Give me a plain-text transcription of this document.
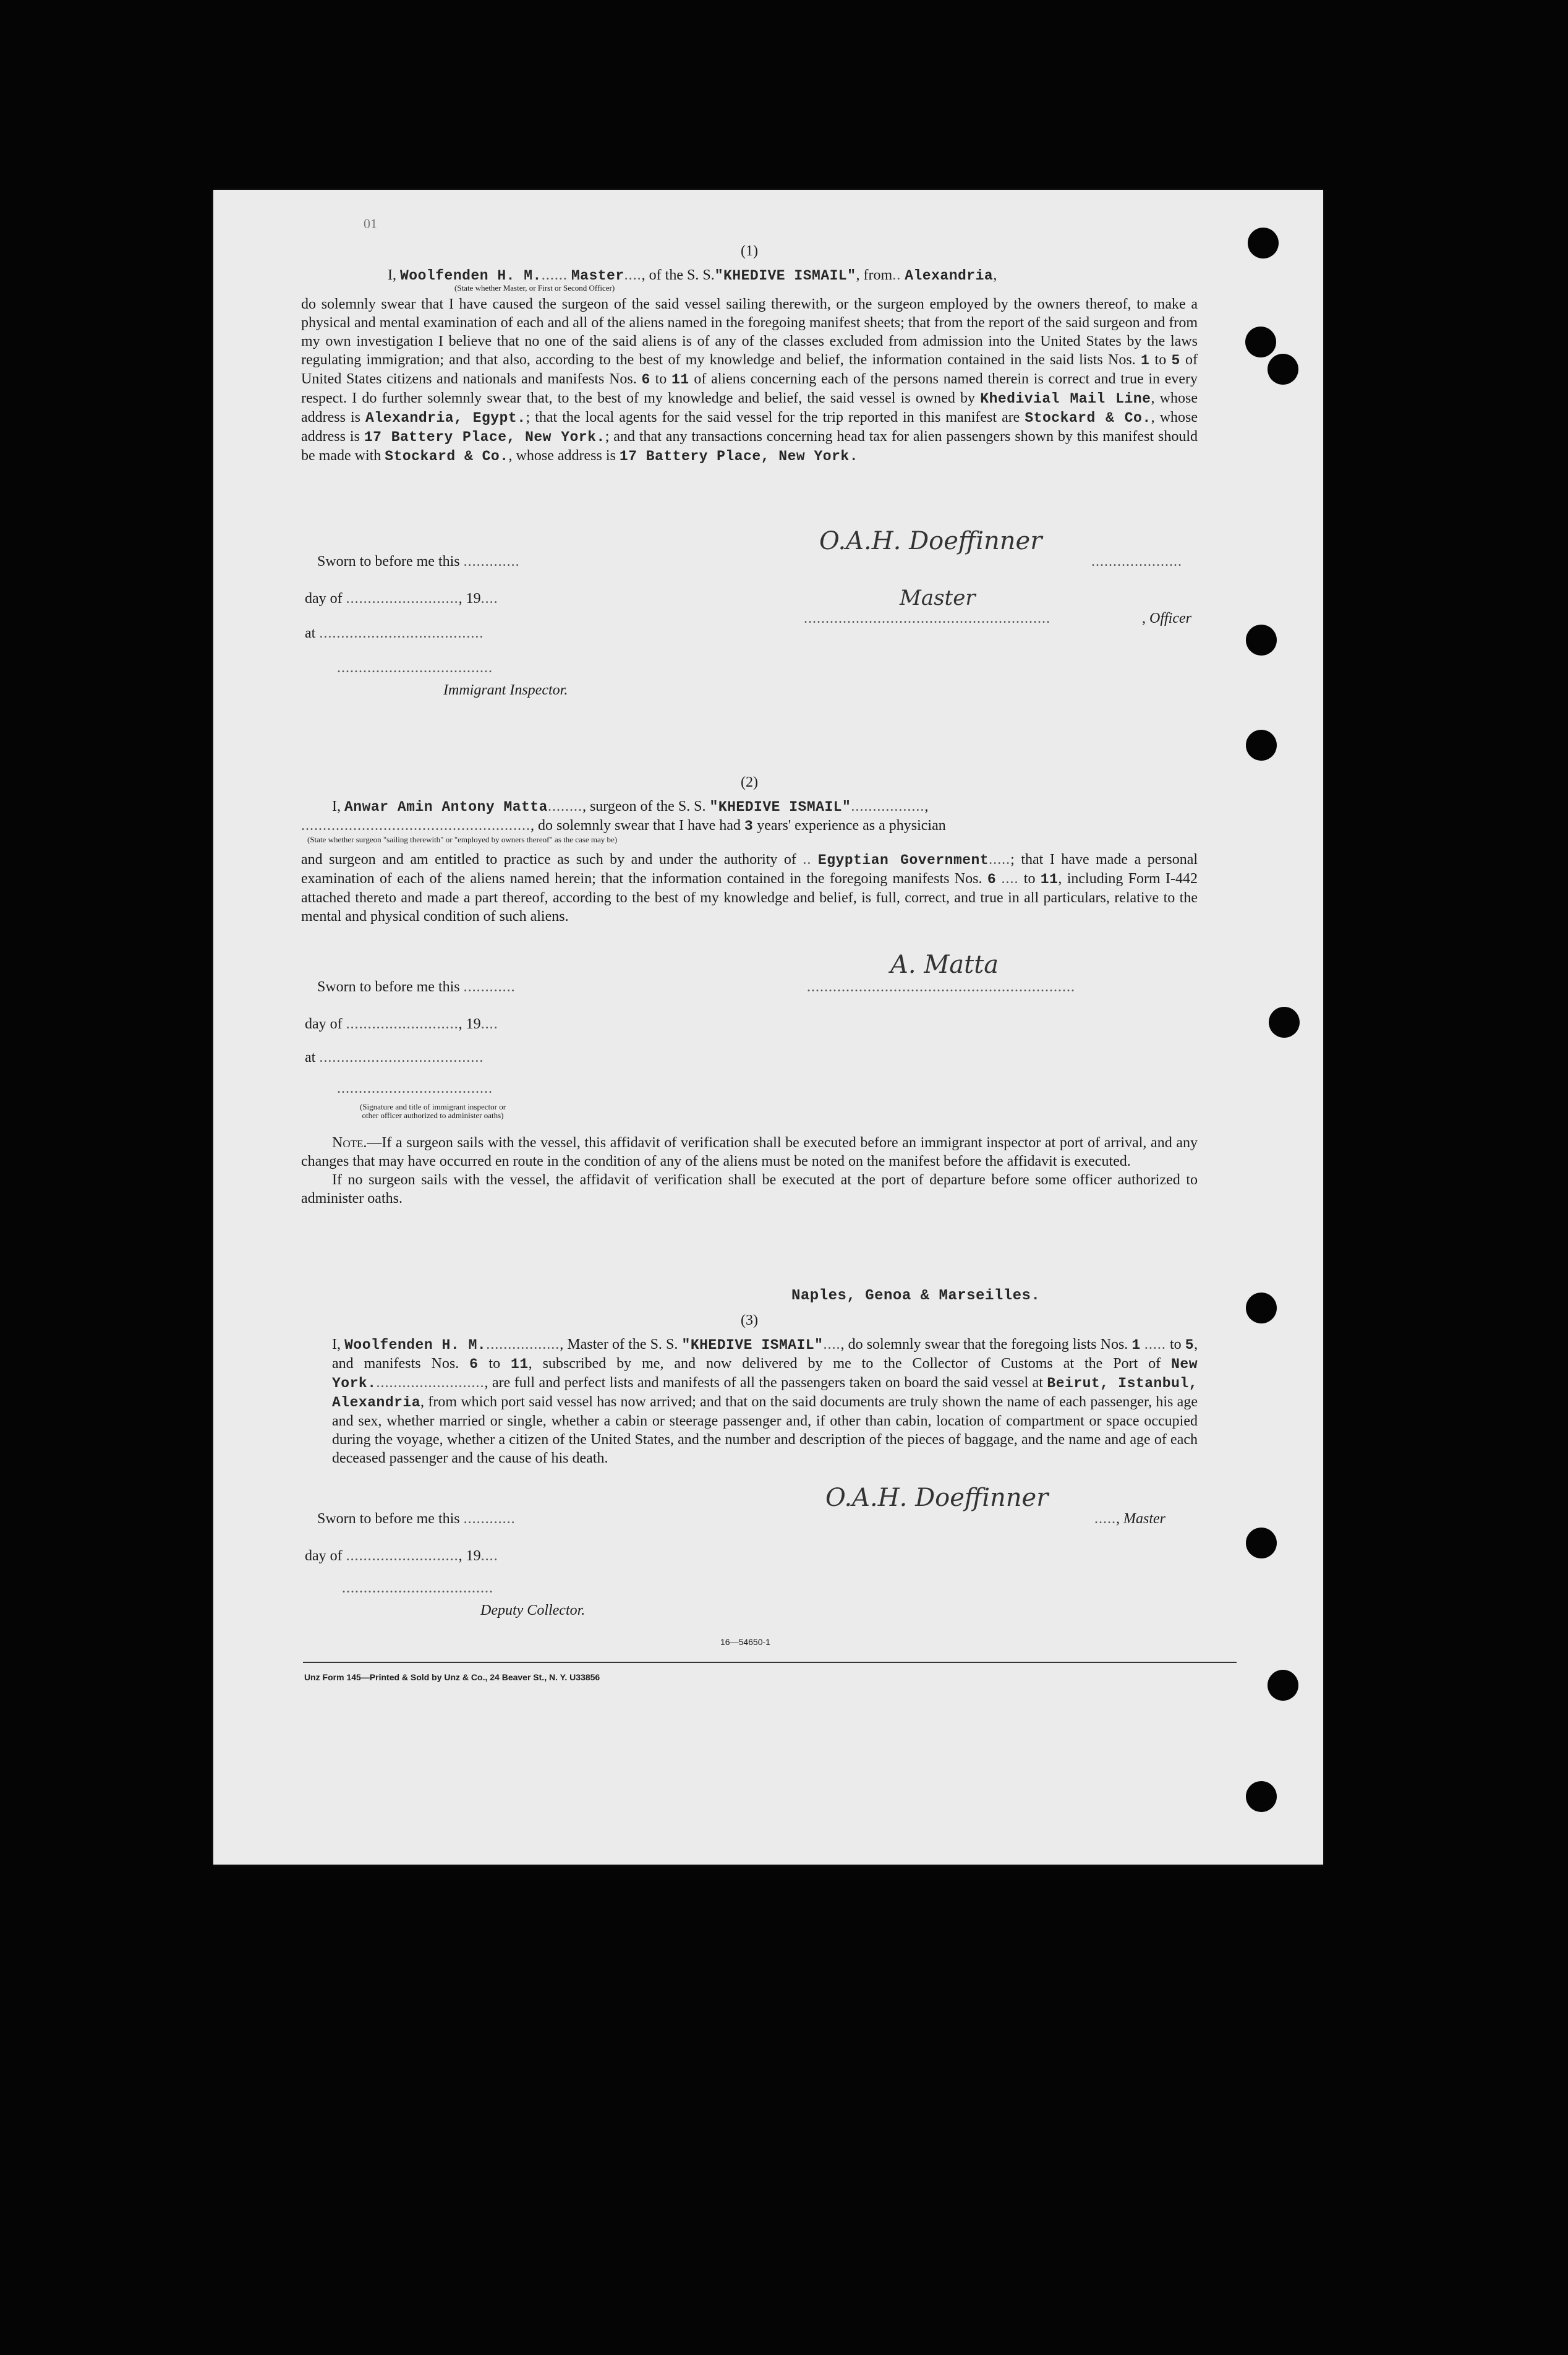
01
(1)

I, Woolfenden H. M....... Master...., of the S. S."KHEDIVE ISMAIL", from.. Alexandria,

(State whether Master, or First or Second Officer)

do solemnly swear that I have caused the surgeon of the said vessel sailing therewith, or the surgeon employed by the owners thereof, to make a physical and mental examination of each and all of the aliens named in the foregoing manifest sheets; that from the report of the said surgeon and from my own investigation I believe that no one of the said aliens is of any of the classes excluded from admission into the United States by the laws regulating immigration; and that also, according to the best of my knowledge and belief, the information contained in the said lists Nos. 1 to 5 of United States citizens and nationals and manifests Nos. 6 to 11 of aliens concerning each of the persons named therein is correct and true in every respect. I do further solemnly swear that, to the best of my knowledge and belief, the said vessel is owned by Khedivial Mail Line, whose address is Alexandria, Egypt.; that the local agents for the said vessel for the trip reported in this manifest are Stockard & Co., whose address is 17 Battery Place, New York.; and that any transactions concerning head tax for alien passengers shown by this manifest should be made with Stockard & Co., whose address is 17 Battery Place, New York.

Sworn to before me this .............
day of .........................., 19....
at ......................................
....................................
Immigrant Inspector.
O.A.H. Doeffinner
.....................
.........................................................
Master
, Officer
(2)

I, Anwar Amin Antony Matta........, surgeon of the S. S. "KHEDIVE ISMAIL".................,

....................................................., do solemnly swear that I have had 3 years' experience as a physician

(State whether surgeon "sailing therewith" or "employed by owners thereof" as the case may be)

and surgeon and am entitled to practice as such by and under the authority of .. Egyptian Government.....; that I have made a personal examination of each of the aliens named herein; that the information contained in the foregoing manifests Nos. 6 .... to 11, including Form I-442 attached thereto and made a part thereof, according to the best of my knowledge and belief, is full, correct, and true in all particulars, relative to the mental and physical condition of such aliens.

A. Matta
..............................................................
Sworn to before me this ............
day of .........................., 19....
at ......................................
....................................
(Signature and title of immigrant inspector or other officer authorized to administer oaths)

Note.—If a surgeon sails with the vessel, this affidavit of verification shall be executed before an immigrant inspector at port of arrival, and any changes that may have occurred en route in the condition of any of the aliens must be noted on the manifest before the affidavit is executed.

If no surgeon sails with the vessel, the affidavit of verification shall be executed at the port of departure before some officer authorized to administer oaths.

Naples, Genoa & Marseilles.
(3)

I, Woolfenden H. M.................., Master of the S. S. "KHEDIVE ISMAIL"...., do solemnly swear that the foregoing lists Nos. 1 ..... to 5, and manifests Nos. 6 to 11, subscribed by me, and now delivered by me to the Collector of Customs at the Port of New York.........................., are full and perfect lists and manifests of all the passengers taken on board the said vessel at Beirut, Istanbul, Alexandria, from which port said vessel has now arrived; and that on the said documents are truly shown the name of each passenger, his age and sex, whether married or single, whether a cabin or steerage passenger and, if other than cabin, location of compartment or space occupied during the voyage, whether a citizen of the United States, and the number and description of the pieces of baggage, and the name and age of each deceased passenger and the cause of his death.

Sworn to before me this ............
day of .........................., 19....
...................................
Deputy Collector.
O.A.H. Doeffinner
....., Master
16—54650-1
Unz Form 145—Printed & Sold by Unz & Co., 24 Beaver St., N. Y. U33856
